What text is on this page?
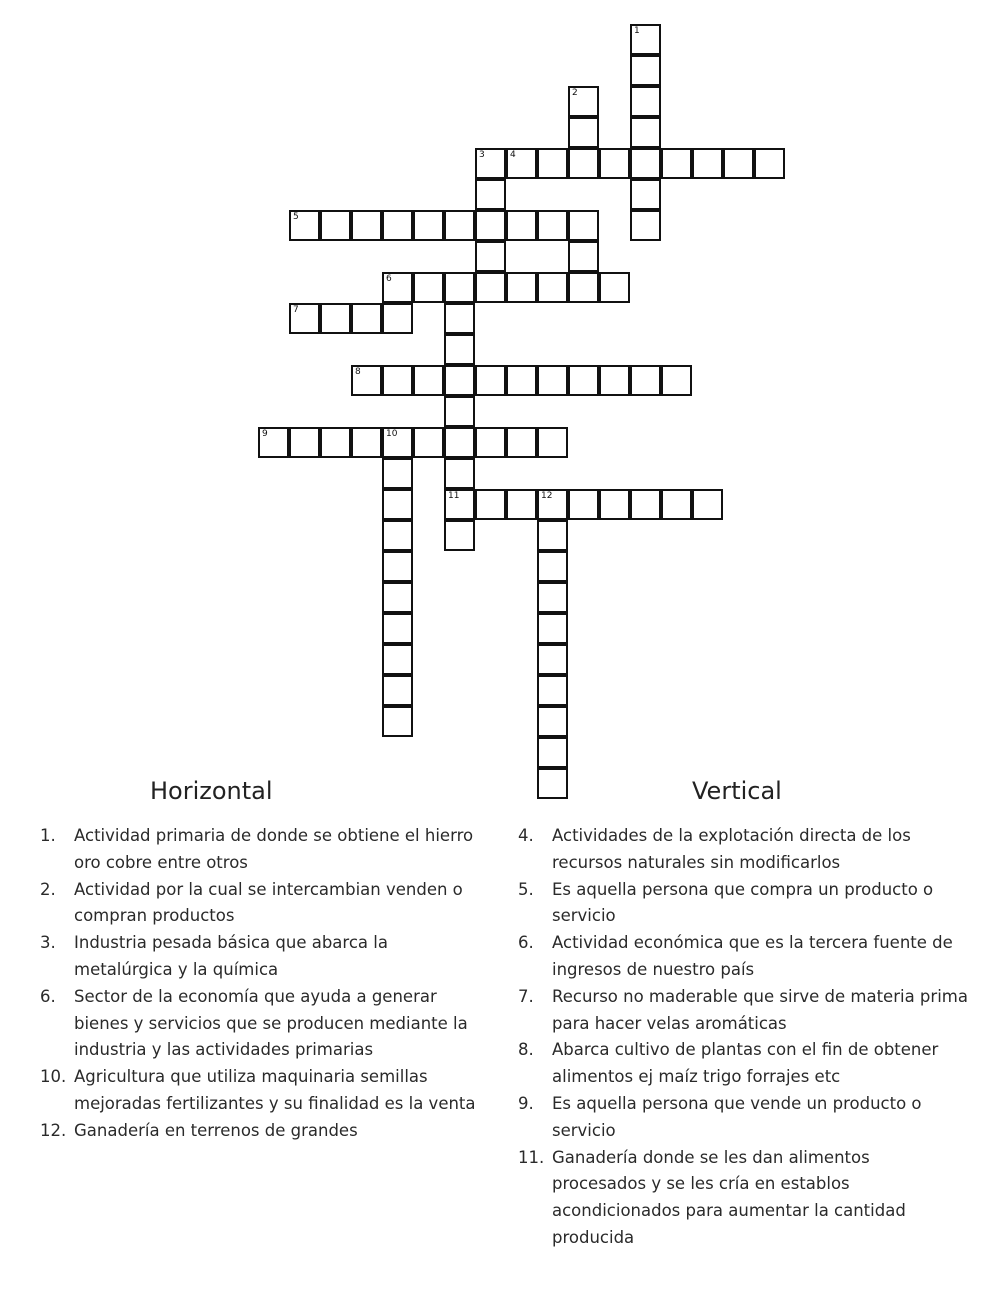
1
2
3	4
5
6
7
8
9	10
11	12
Horizontal	Vertical
1. Actividad primaria de donde se obtiene el hierro oro cobre entre otros
2. Actividad por la cual se intercambian venden o compran productos
3. Industria pesada básica que abarca la metalúrgica y la química
6. Sector de la economía que ayuda a generar bienes y servicios que se producen mediante la industria y las actividades primarias
10. Agricultura que utiliza maquinaria semillas mejoradas fertilizantes y su finalidad es la venta
12. Ganadería en terrenos de grandes
4. Actividades de la explotación directa de los recursos naturales sin modificarlos
5. Es aquella persona que compra un producto o servicio
6. Actividad económica que es la tercera fuente de ingresos de nuestro país
7. Recurso no maderable que sirve de materia prima para hacer velas aromáticas
8. Abarca cultivo de plantas con el fin de obtener alimentos ej maíz trigo forrajes etc
9. Es aquella persona que vende un producto o servicio
11. Ganadería donde se les dan alimentos procesados y se les cría en establos acondicionados para aumentar la cantidad producida
